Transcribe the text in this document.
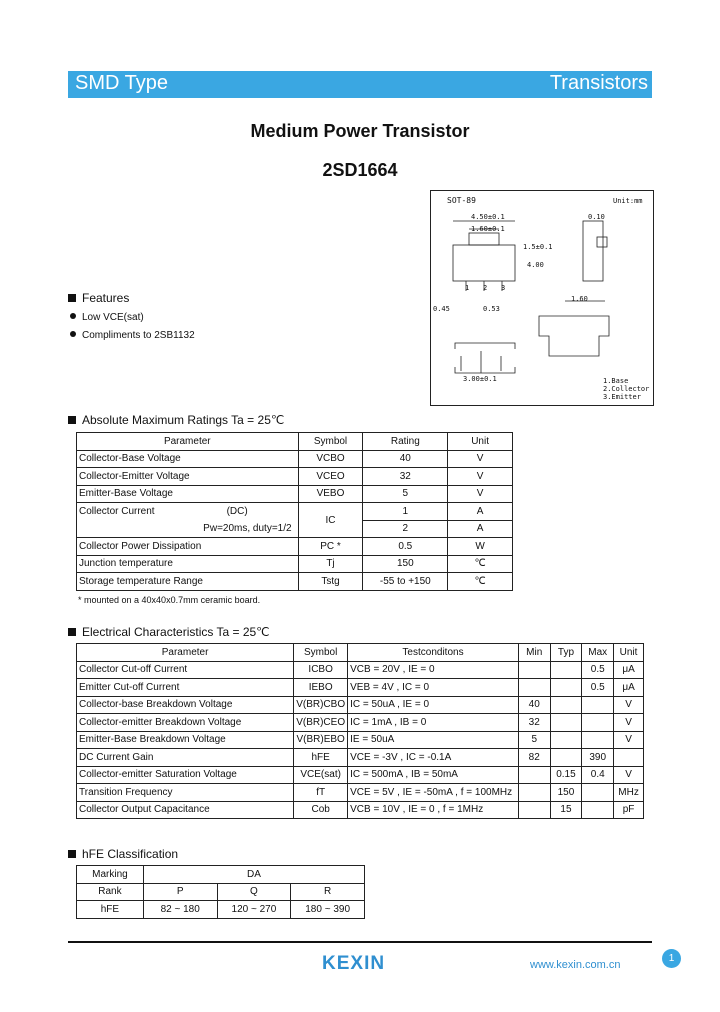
SMD Type	Transistors
Medium Power Transistor
2SD1664
SOT-89	Unit:mm
4.50±0.1
1.60±0.1
1.5±0.1
4.00
0.10
0.45	0.53
1.60
3.00±0.1
1 2 3
1.Base
2.Collector
3.Emitter
Features
Low VCE(sat)
Compliments to 2SB1132
Absolute Maximum Ratings Ta = 25℃
Parameter	Symbol	Rating	Unit
Collector-Base Voltage	VCBO	40	V
Collector-Emitter Voltage	VCEO	32	V
Emitter-Base Voltage	VEBO	5	V
Collector Current (DC)	IC	1	A
Pw=20ms, duty=1/2		2	A
Collector Power Dissipation	PC *	0.5	W
Junction temperature	Tj	150	℃
Storage temperature Range	Tstg	-55 to +150	℃
* mounted on a 40x40x0.7mm ceramic board.
Electrical Characteristics Ta = 25℃
Parameter	Symbol	Testconditons	Min	Typ	Max	Unit
Collector Cut-off Current	ICBO	VCB = 20V , IE = 0			0.5	μA
Emitter Cut-off Current	IEBO	VEB = 4V , IC = 0			0.5	μA
Collector-base Breakdown Voltage	V(BR)CBO	IC = 50uA , IE = 0	40			V
Collector-emitter Breakdown Voltage	V(BR)CEO	IC = 1mA , IB = 0	32			V
Emitter-Base Breakdown Voltage	V(BR)EBO	IE = 50uA	5			V
DC Current Gain	hFE	VCE = -3V , IC = -0.1A	82		390	
Collector-emitter Saturation Voltage	VCE(sat)	IC = 500mA , IB = 50mA		0.15	0.4	V
Transition Frequency	fT	VCE = 5V , IE = -50mA , f = 100MHz		150		MHz
Collector Output Capacitance	Cob	VCB = 10V , IE = 0 , f = 1MHz		15		pF
hFE Classification
Marking	DA		
Rank	P	Q	R
hFE	82 ~ 180	120 ~ 270	180 ~ 390
KEXIN	www.kexin.com.cn
1
